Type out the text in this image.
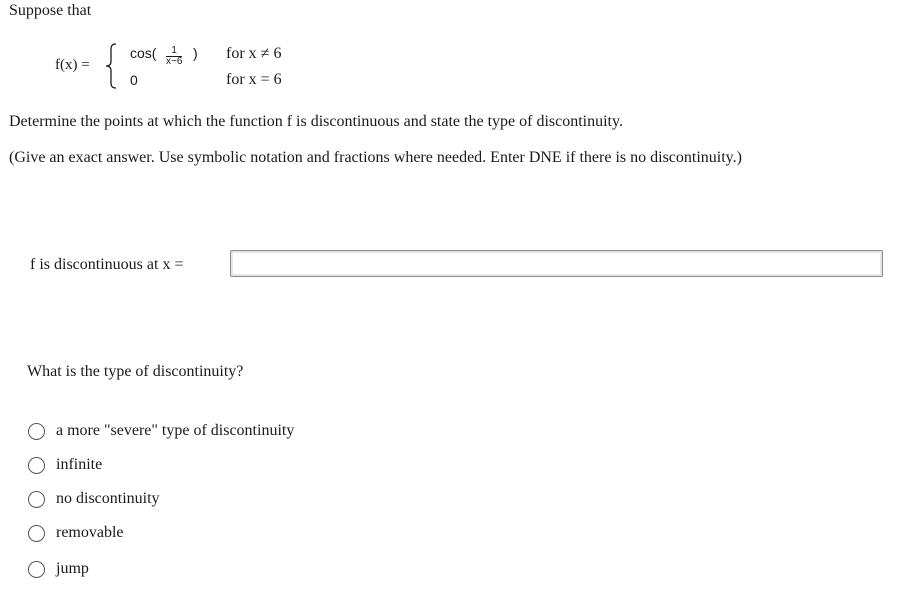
Suppose that
f(x) =
$\cos( \frac{1}{x-6}$ ) for x ≠ 6
0	for x = 6
Determine the points at which the function f is discontinuous and state the type of discontinuity.
(Give an exact answer. Use symbolic notation and fractions where needed. Enter DNE if there is no discontinuity.)
f is discontinuous at x =
What is the type of discontinuity?
a more "severe" type of discontinuity
infinite
no discontinuity
removable
jump
